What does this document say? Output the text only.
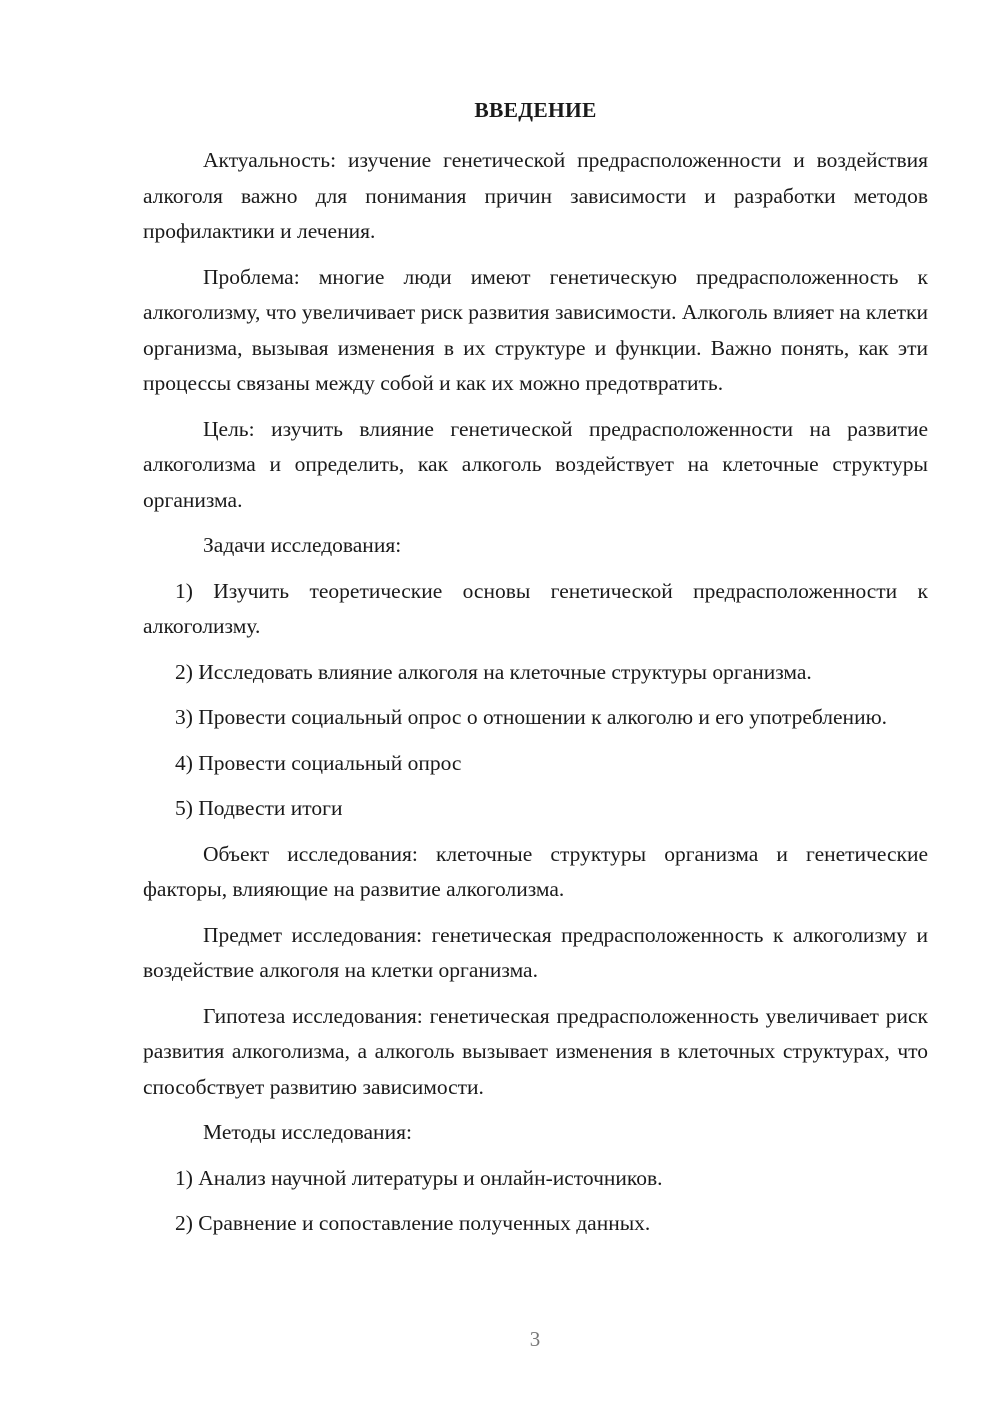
ВВЕДЕНИЕ

Актуальность: изучение генетической предрасположенности и воздействия алкоголя важно для понимания причин зависимости и разработки методов профилактики и лечения.

Проблема: многие люди имеют генетическую предрасположенность к алкоголизму, что увеличивает риск развития зависимости. Алкоголь влияет на клетки организма, вызывая изменения в их структуре и функции. Важно понять, как эти процессы связаны между собой и как их можно предотвратить.

Цель: изучить влияние генетической предрасположенности на развитие алкоголизма и определить, как алкоголь воздействует на клеточные структуры организма.

Задачи исследования:

1) Изучить теоретические основы генетической предрасположенности к алкоголизму.

2) Исследовать влияние алкоголя на клеточные структуры организма.

3) Провести социальный опрос о отношении к алкоголю и его употреблению.

4) Провести социальный опрос

5) Подвести итоги

Объект исследования: клеточные структуры организма и генетические факторы, влияющие на развитие алкоголизма.

Предмет исследования: генетическая предрасположенность к алкоголизму и воздействие алкоголя на клетки организма.

Гипотеза исследования: генетическая предрасположенность увеличивает риск развития алкоголизма, а алкоголь вызывает изменения в клеточных структурах, что способствует развитию зависимости.

Методы исследования:

1) Анализ научной литературы и онлайн-источников.

2) Сравнение и сопоставление полученных данных.

3
